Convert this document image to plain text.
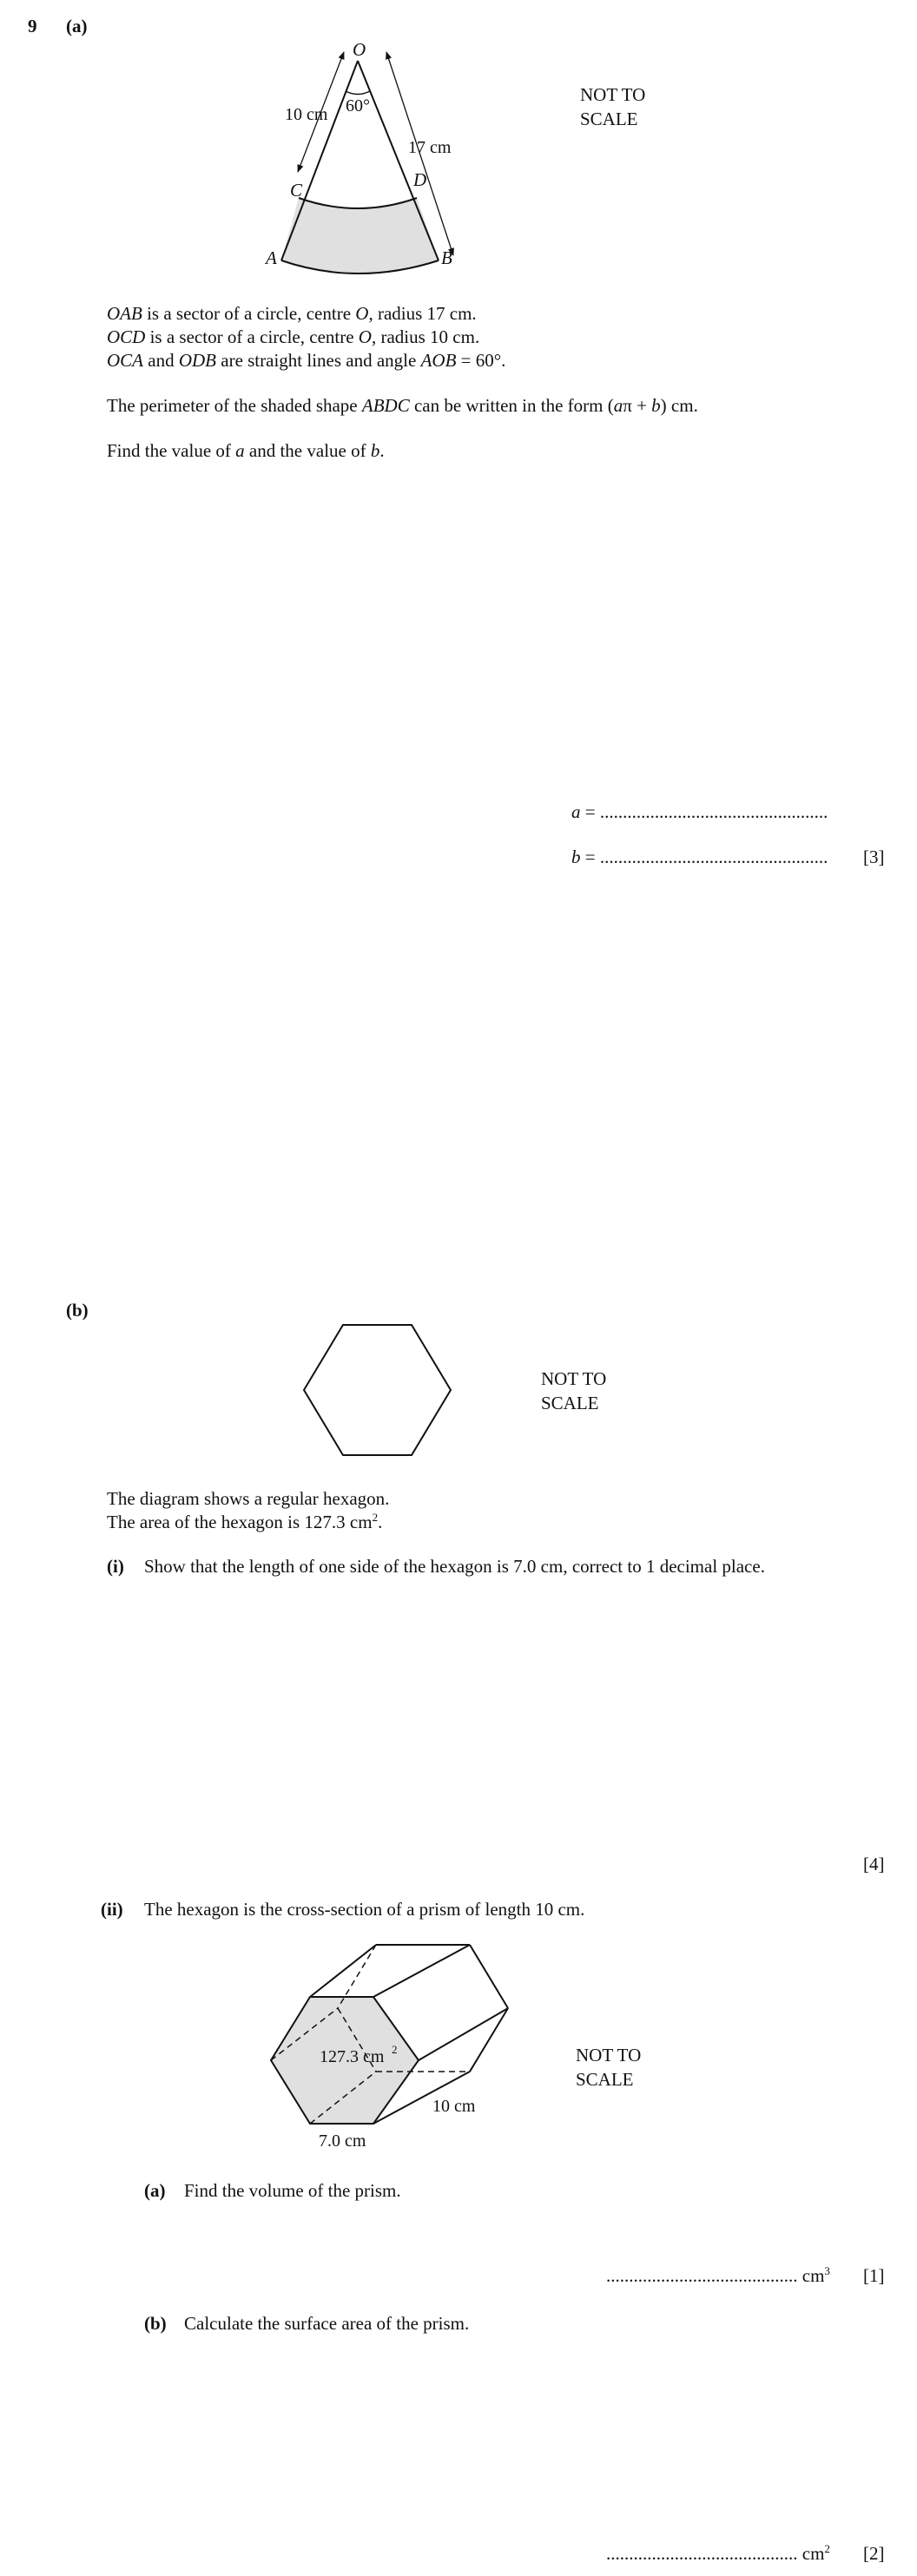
9 (a)
O
60°
10 cm
17 cm
C	D
A	B
NOT TO
SCALE
OAB is a sector of a circle, centre O, radius 17 cm.
OCD is a sector of a circle, centre O, radius 10 cm.
OCA and ODB are straight lines and angle AOB = 60°.
The perimeter of the shaded shape ABDC can be written in the form (aπ + b) cm.
Find the value of a and the value of b.
a = ..................................................
b = .................................................. [3]
(b)
NOT TO
SCALE
The diagram shows a regular hexagon.
The area of the hexagon is 127.3 $cm^2$.
(i) Show that the length of one side of the hexagon is 7.0 cm, correct to 1 decimal place.
[4]
(ii) The hexagon is the cross-section of a prism of length 10 cm.
127.3 cm 2
10 cm
7.0 cm
NOT TO
SCALE
(a) Find the volume of the prism.
.......................................... $cm^3$ [1]
(b) Calculate the surface area of the prism.
.......................................... $cm^2$ [2]
